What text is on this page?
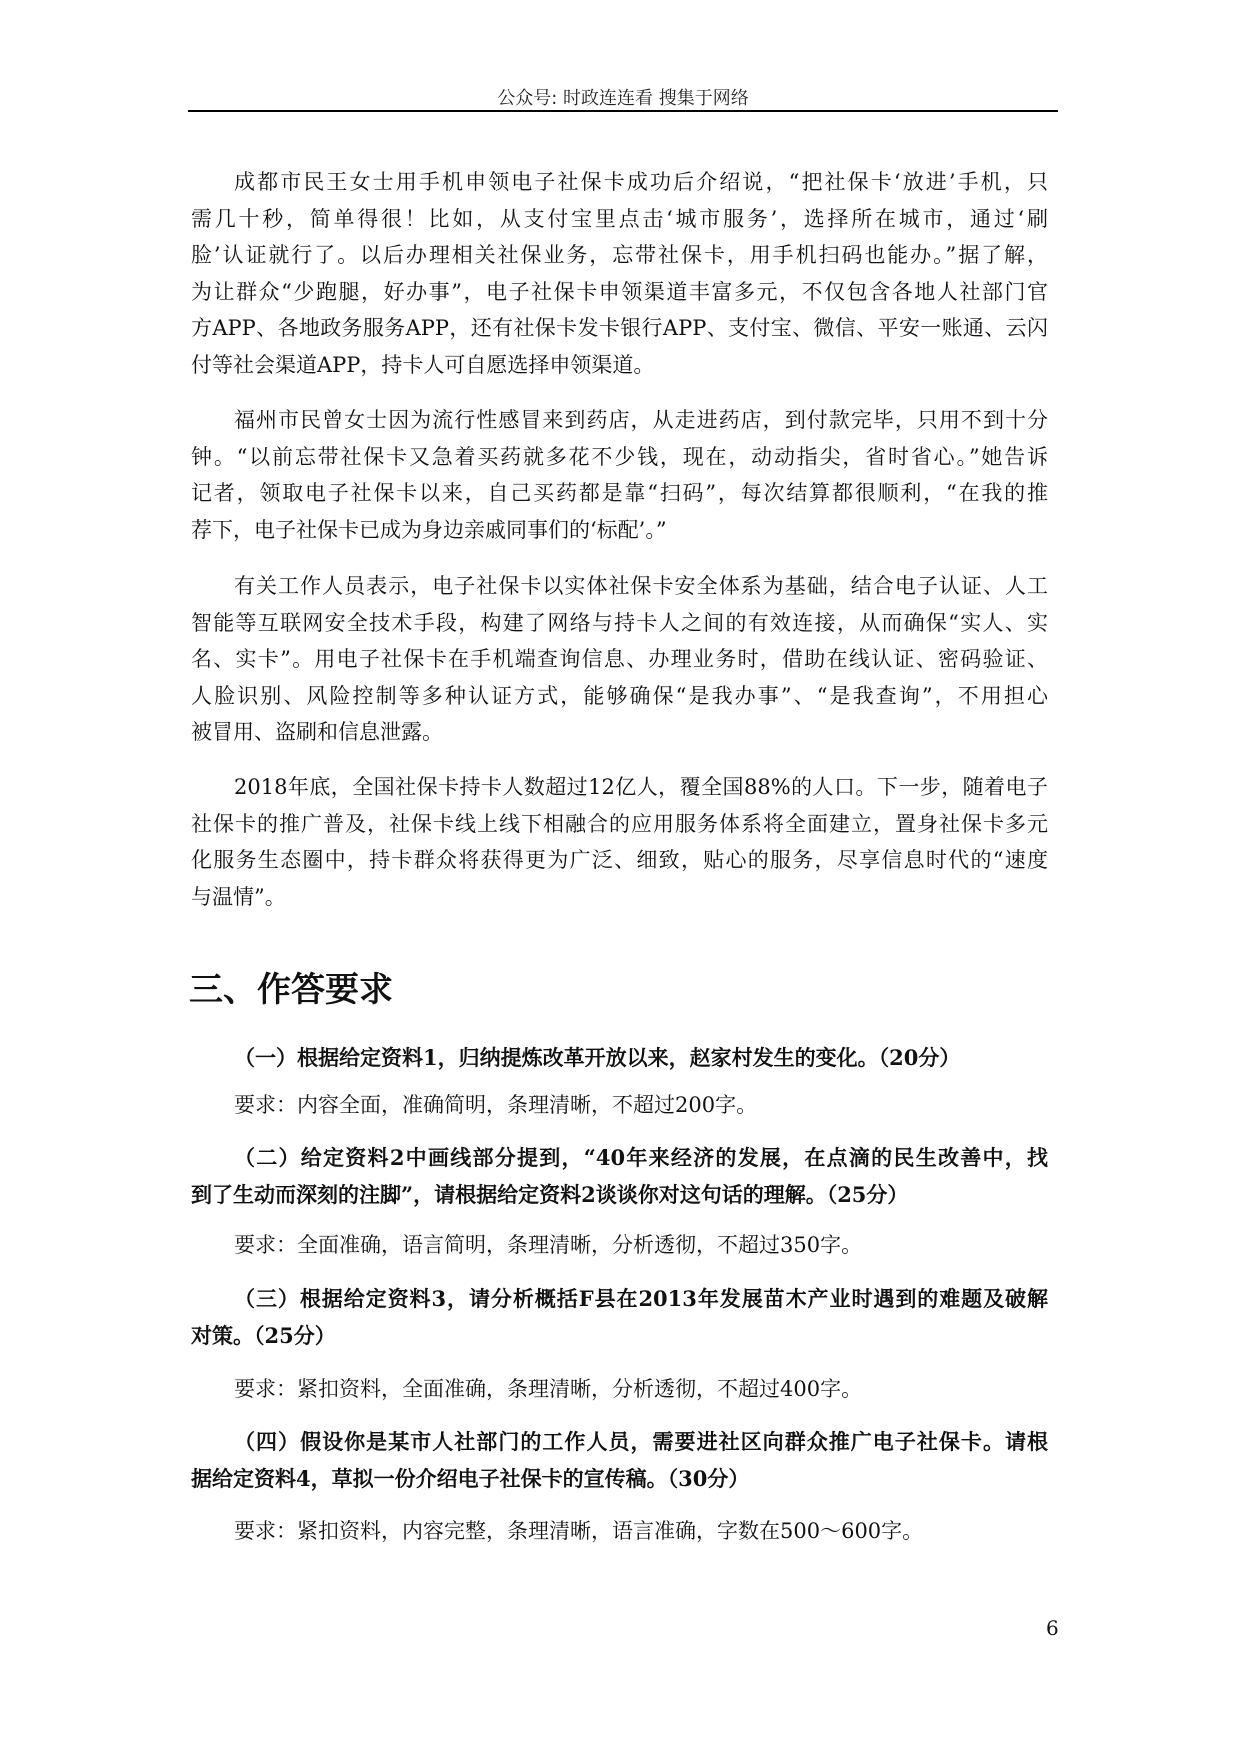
公众号: 时政连连看 搜集于网络
成都市民王女士用手机申领电子社保卡成功后介绍说，“把社保卡‘放进’手机，只
需几十秒，简单得很！比如，从支付宝里点击‘城市服务’，选择所在城市，通过‘刷
脸’认证就行了。以后办理相关社保业务，忘带社保卡，用手机扫码也能办。”据了解，
为让群众“少跑腿，好办事”，电子社保卡申领渠道丰富多元，不仅包含各地人社部门官
方APP、各地政务服务APP，还有社保卡发卡银行APP、支付宝、微信、平安一账通、云闪
付等社会渠道APP，持卡人可自愿选择申领渠道。
福州市民曾女士因为流行性感冒来到药店，从走进药店，到付款完毕，只用不到十分
钟。“以前忘带社保卡又急着买药就多花不少钱，现在，动动指尖，省时省心。”她告诉
记者，领取电子社保卡以来，自己买药都是靠“扫码”，每次结算都很顺利，“在我的推
荐下，电子社保卡已成为身边亲戚同事们的‘标配’。”
有关工作人员表示，电子社保卡以实体社保卡安全体系为基础，结合电子认证、人工
智能等互联网安全技术手段，构建了网络与持卡人之间的有效连接，从而确保“实人、实
名、实卡”。用电子社保卡在手机端查询信息、办理业务时，借助在线认证、密码验证、
人脸识别、风险控制等多种认证方式，能够确保“是我办事”、“是我查询”，不用担心
被冒用、盗刷和信息泄露。
2018年底，全国社保卡持卡人数超过12亿人，覆全国88%的人口。下一步，随着电子
社保卡的推广普及，社保卡线上线下相融合的应用服务体系将全面建立，置身社保卡多元
化服务生态圈中，持卡群众将获得更为广泛、细致，贴心的服务，尽享信息时代的“速度
与温情”。
（一）根据给定资料1，归纳提炼改革开放以来，赵家村发生的变化。（20分）
要求：内容全面，准确简明，条理清晰，不超过200字。
（二）给定资料2中画线部分提到，“40年来经济的发展，在点滴的民生改善中，找
到了生动而深刻的注脚”，请根据给定资料2谈谈你对这句话的理解。（25分）
要求：全面准确，语言简明，条理清晰，分析透彻，不超过350字。
（三）根据给定资料3，请分析概括F县在2013年发展苗木产业时遇到的难题及破解
对策。（25分）
要求：紧扣资料，全面准确，条理清晰，分析透彻，不超过400字。
（四）假设你是某市人社部门的工作人员，需要进社区向群众推广电子社保卡。请根
据给定资料4，草拟一份介绍电子社保卡的宣传稿。（30分）
要求：紧扣资料，内容完整，条理清晰，语言准确，字数在500～600字。
三、作答要求
6
